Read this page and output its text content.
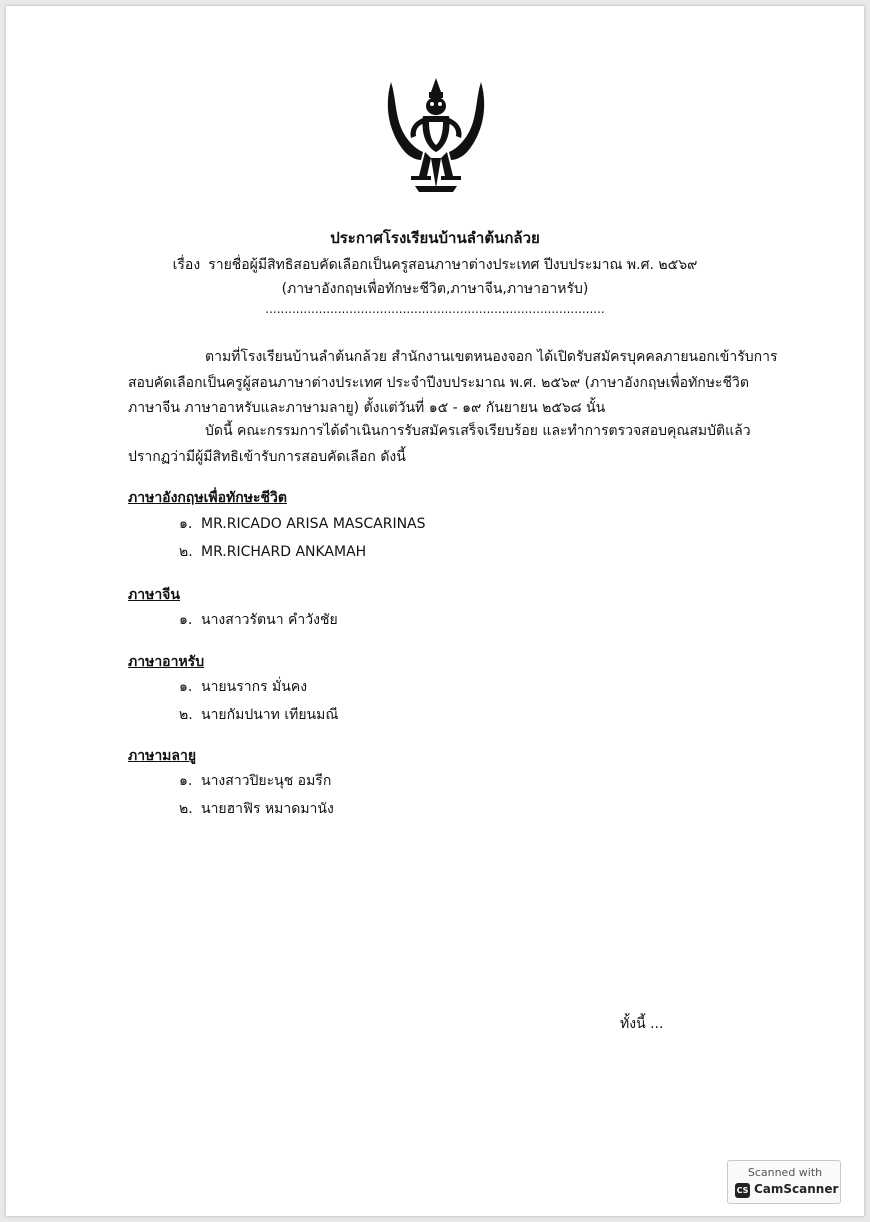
ประกาศโรงเรียนบ้านลำต้นกล้วย
เรื่อง รายชื่อผู้มีสิทธิสอบคัดเลือกเป็นครูสอนภาษาต่างประเทศ ปีงบประมาณ พ.ศ. ๒๕๖๙
(ภาษาอังกฤษเพื่อทักษะชีวิต,ภาษาจีน,ภาษาอาหรับ)
.........................................................................................
ตามที่โรงเรียนบ้านลำต้นกล้วย สำนักงานเขตหนองจอก ได้เปิดรับสมัครบุคคลภายนอกเข้ารับการ
สอบคัดเลือกเป็นครูผู้สอนภาษาต่างประเทศ ประจำปีงบประมาณ พ.ศ. ๒๕๖๙ (ภาษาอังกฤษเพื่อทักษะชีวิต
ภาษาจีน ภาษาอาหรับและภาษามลายู) ตั้งแต่วันที่ ๑๕ - ๑๙ กันยายน ๒๕๖๘ นั้น
บัดนี้ คณะกรรมการได้ดำเนินการรับสมัครเสร็จเรียบร้อย และทำการตรวจสอบคุณสมบัติแล้ว
ปรากฏว่ามีผู้มีสิทธิเข้ารับการสอบคัดเลือก ดังนี้
ภาษาอังกฤษเพื่อทักษะชีวิต
๑. MR.RICADO ARISA MASCARINAS
๒. MR.RICHARD ANKAMAH
ภาษาจีน
๑. นางสาวรัตนา คำวังชัย
ภาษาอาหรับ
๑. นายนรากร มั่นคง
๒. นายกัมปนาท เทียนมณี
ภาษามลายู
๑. นางสาวปิยะนุช อมรีก
๒. นายฮาฟิร หมาดมานัง
ทั้งนี้ ...
Scanned with
CS CamScanner
